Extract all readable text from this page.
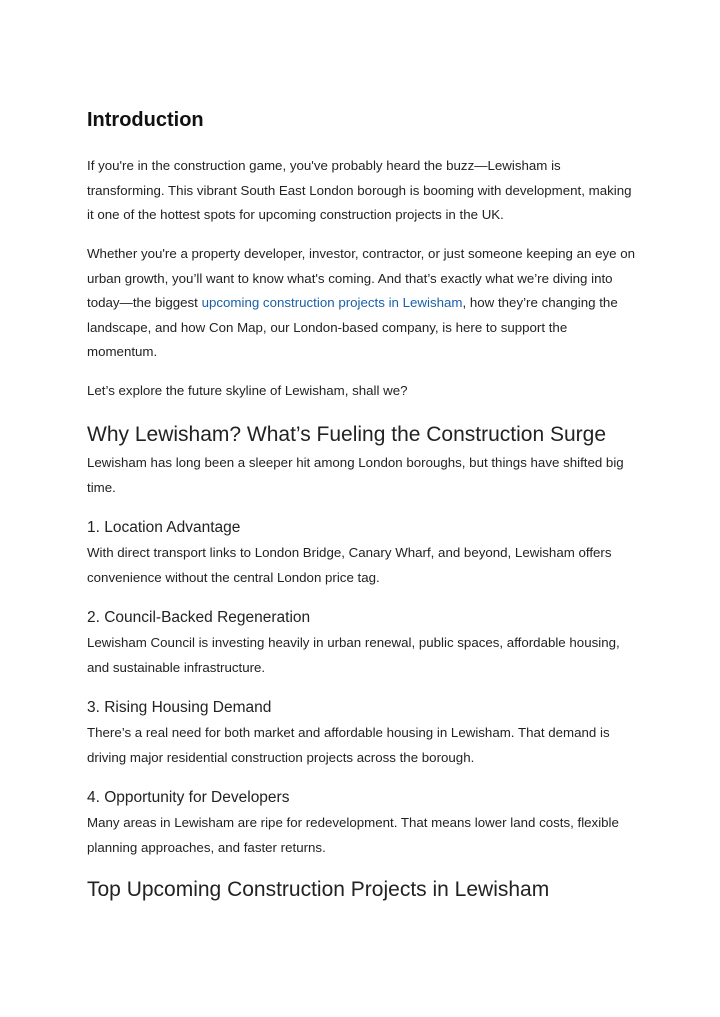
Introduction

If you're in the construction game, you've probably heard the buzz—Lewisham is transforming. This vibrant South East London borough is booming with development, making it one of the hottest spots for upcoming construction projects in the UK.

Whether you're a property developer, investor, contractor, or just someone keeping an eye on urban growth, you’ll want to know what's coming. And that’s exactly what we’re diving into today—the biggest upcoming construction projects in Lewisham, how they’re changing the landscape, and how Con Map, our London-based company, is here to support the momentum.

Let’s explore the future skyline of Lewisham, shall we?

Why Lewisham? What’s Fueling the Construction Surge

Lewisham has long been a sleeper hit among London boroughs, but things have shifted big time.

1. Location Advantage

With direct transport links to London Bridge, Canary Wharf, and beyond, Lewisham offers convenience without the central London price tag.

2. Council-Backed Regeneration

Lewisham Council is investing heavily in urban renewal, public spaces, affordable housing, and sustainable infrastructure.

3. Rising Housing Demand

There’s a real need for both market and affordable housing in Lewisham. That demand is driving major residential construction projects across the borough.

4. Opportunity for Developers

Many areas in Lewisham are ripe for redevelopment. That means lower land costs, flexible planning approaches, and faster returns.

Top Upcoming Construction Projects in Lewisham
